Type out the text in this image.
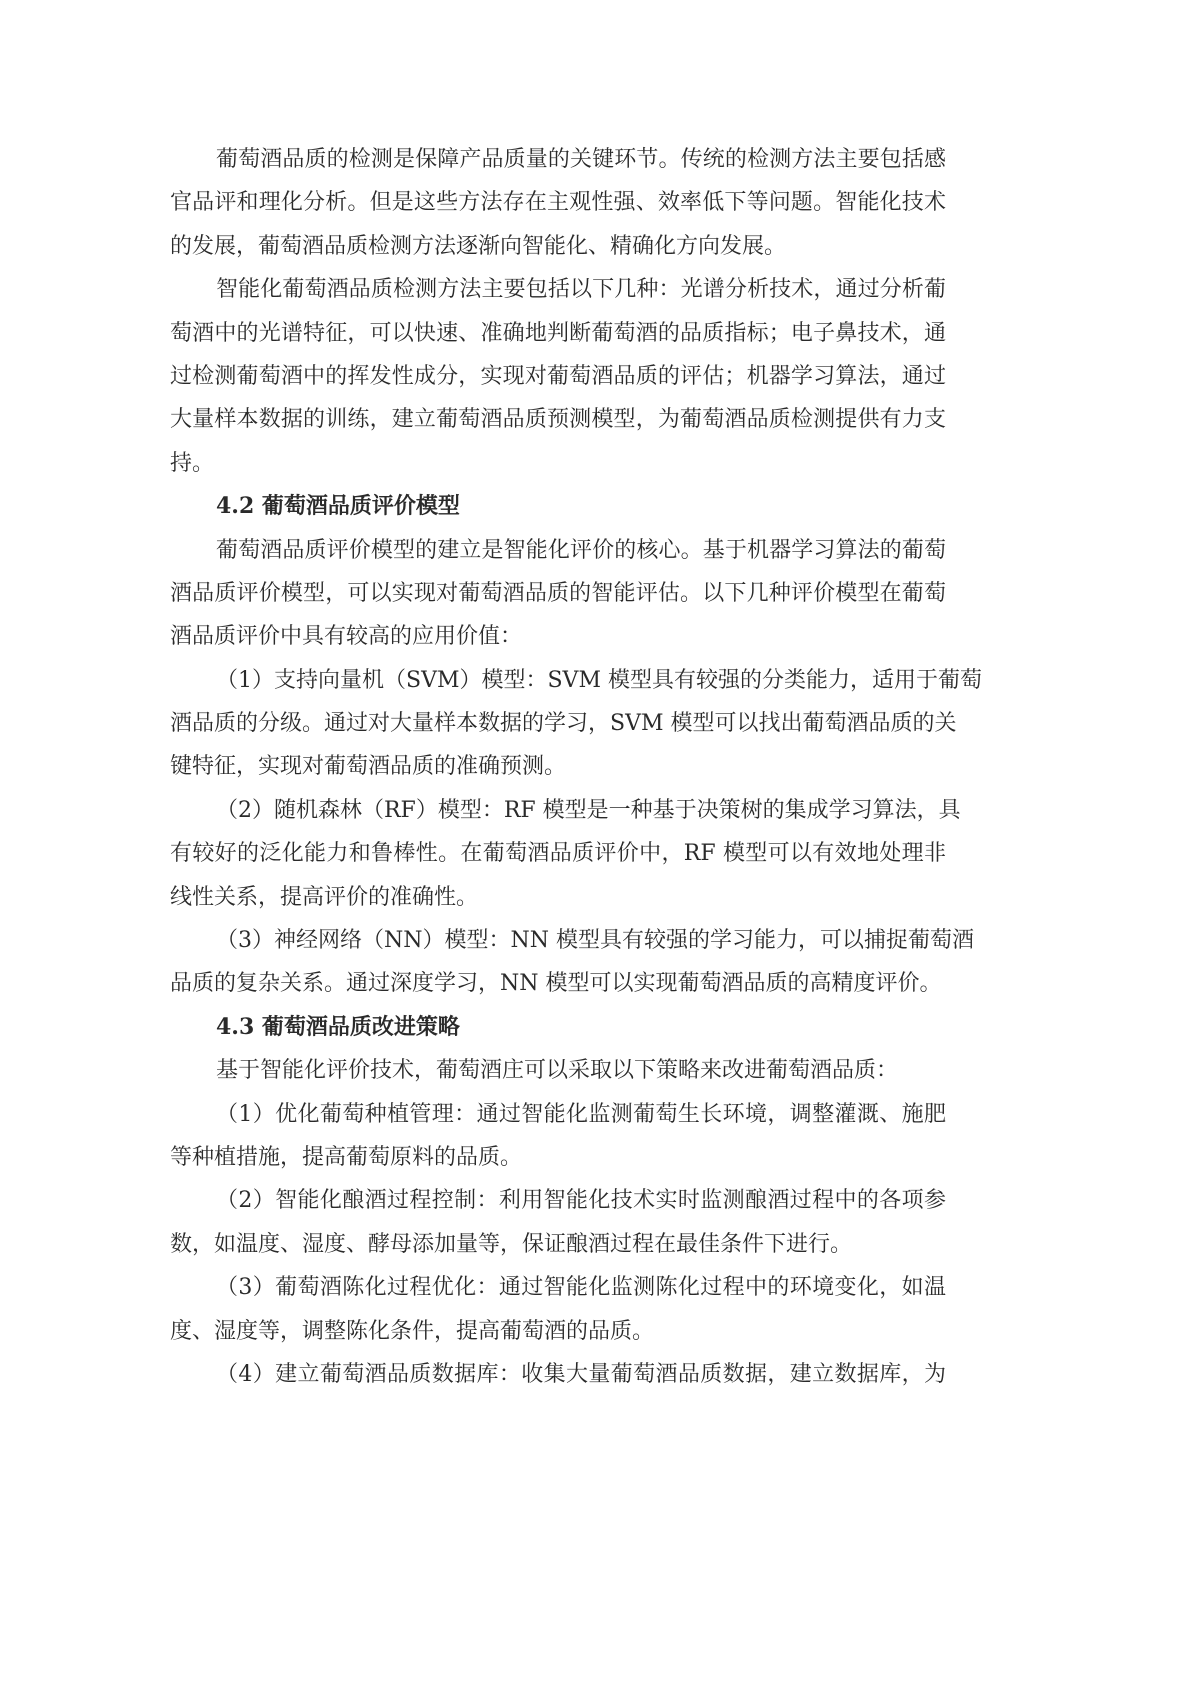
葡萄酒品质的检测是保障产品质量的关键环节。传统的检测方法主要包括感
官品评和理化分析。但是这些方法存在主观性强、效率低下等问题。智能化技术
的发展，葡萄酒品质检测方法逐渐向智能化、精确化方向发展。
智能化葡萄酒品质检测方法主要包括以下几种：光谱分析技术，通过分析葡
萄酒中的光谱特征，可以快速、准确地判断葡萄酒的品质指标；电子鼻技术，通
过检测葡萄酒中的挥发性成分，实现对葡萄酒品质的评估；机器学习算法，通过
大量样本数据的训练，建立葡萄酒品质预测模型，为葡萄酒品质检测提供有力支
持。
4.2 葡萄酒品质评价模型
葡萄酒品质评价模型的建立是智能化评价的核心。基于机器学习算法的葡萄
酒品质评价模型，可以实现对葡萄酒品质的智能评估。以下几种评价模型在葡萄
酒品质评价中具有较高的应用价值：
（1）支持向量机（SVM）模型：SVM 模型具有较强的分类能力，适用于葡萄
酒品质的分级。通过对大量样本数据的学习，SVM 模型可以找出葡萄酒品质的关
键特征，实现对葡萄酒品质的准确预测。
（2）随机森林（RF）模型：RF 模型是一种基于决策树的集成学习算法，具
有较好的泛化能力和鲁棒性。在葡萄酒品质评价中，RF 模型可以有效地处理非
线性关系，提高评价的准确性。
（3）神经网络（NN）模型：NN 模型具有较强的学习能力，可以捕捉葡萄酒
品质的复杂关系。通过深度学习，NN 模型可以实现葡萄酒品质的高精度评价。
4.3 葡萄酒品质改进策略
基于智能化评价技术，葡萄酒庄可以采取以下策略来改进葡萄酒品质：
（1）优化葡萄种植管理：通过智能化监测葡萄生长环境，调整灌溉、施肥
等种植措施，提高葡萄原料的品质。
（2）智能化酿酒过程控制：利用智能化技术实时监测酿酒过程中的各项参
数，如温度、湿度、酵母添加量等，保证酿酒过程在最佳条件下进行。
（3）葡萄酒陈化过程优化：通过智能化监测陈化过程中的环境变化，如温
度、湿度等，调整陈化条件，提高葡萄酒的品质。
（4）建立葡萄酒品质数据库：收集大量葡萄酒品质数据，建立数据库，为
